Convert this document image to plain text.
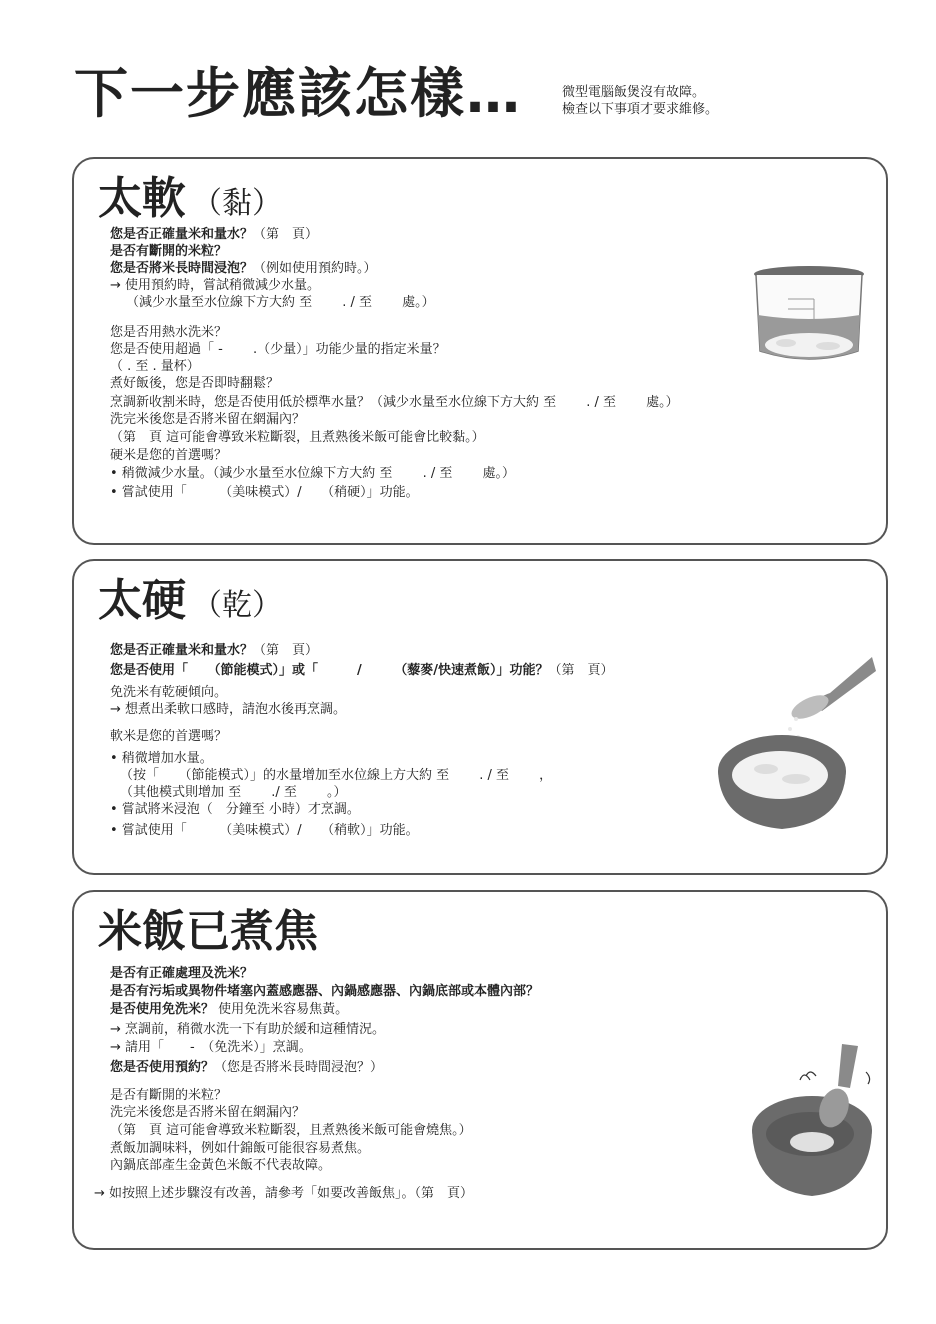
下一步應該怎樣…	微型電腦飯煲沒有故障。
檢查以下事項才要求維修。
太軟 （黏）
您是否正確量米和量水？（第　頁）
是否有斷開的米粒？
您是否將米長時間浸泡？（例如使用預約時。）
→ 使用預約時，嘗試稍微減少水量。
（減少水量至水位線下方大約 至　　 . / 至　　 處。）
您是否用熱水洗米？
您是否使用超過「 -　　 .（少量）」功能少量的指定米量？
（ . 至 . 量杯）
煮好飯後，您是否即時翻鬆？
烹調新收割米時，您是否使用低於標準水量？（減少水量至水位線下方大約 至　　 . / 至　　 處。）
洗完米後您是否將米留在網漏內？
（第　頁 這可能會導致米粒斷裂，且煮熟後米飯可能會比較黏。）
硬米是您的首選嗎？
• 稍微減少水量。（減少水量至水位線下方大約 至　　 . / 至　　 處。）
• 嘗試使用「　　　（美味模式）/　　（稍硬）」功能。
太硬 （乾）
您是否正確量米和量水？（第　頁）
您是否使用「　　（節能模式）」或「　　　/　　　（藜麥/快速煮飯）」功能？（第　頁）
免洗米有乾硬傾向。
→ 想煮出柔軟口感時，請泡水後再烹調。
軟米是您的首選嗎？
• 稍微增加水量。
（按「　　（節能模式）」的水量增加至水位線上方大約 至　　 . / 至　　 ，
（其他模式則增加 至　　 ./ 至　　 。）
• 嘗試將米浸泡（　分鐘至 小時）才烹調。
• 嘗試使用「　　　（美味模式）/　　（稍軟）」功能。
米飯已煮焦
是否有正確處理及洗米？
是否有污垢或異物件堵塞內蓋感應器、內鍋感應器、內鍋底部或本體內部？
是否使用免洗米？ 使用免洗米容易焦黃。
→ 烹調前，稍微水洗一下有助於緩和這種情況。
→ 請用「　　-　（免洗米）」烹調。
您是否使用預約？（您是否將米長時間浸泡？）
是否有斷開的米粒？
洗完米後您是否將米留在網漏內？
（第　頁 這可能會導致米粒斷裂，且煮熟後米飯可能會燒焦。）
煮飯加調味料，例如什錦飯可能很容易煮焦。
內鍋底部產生金黃色米飯不代表故障。
→ 如按照上述步驟沒有改善，請參考「如要改善飯焦」。（第　頁）
